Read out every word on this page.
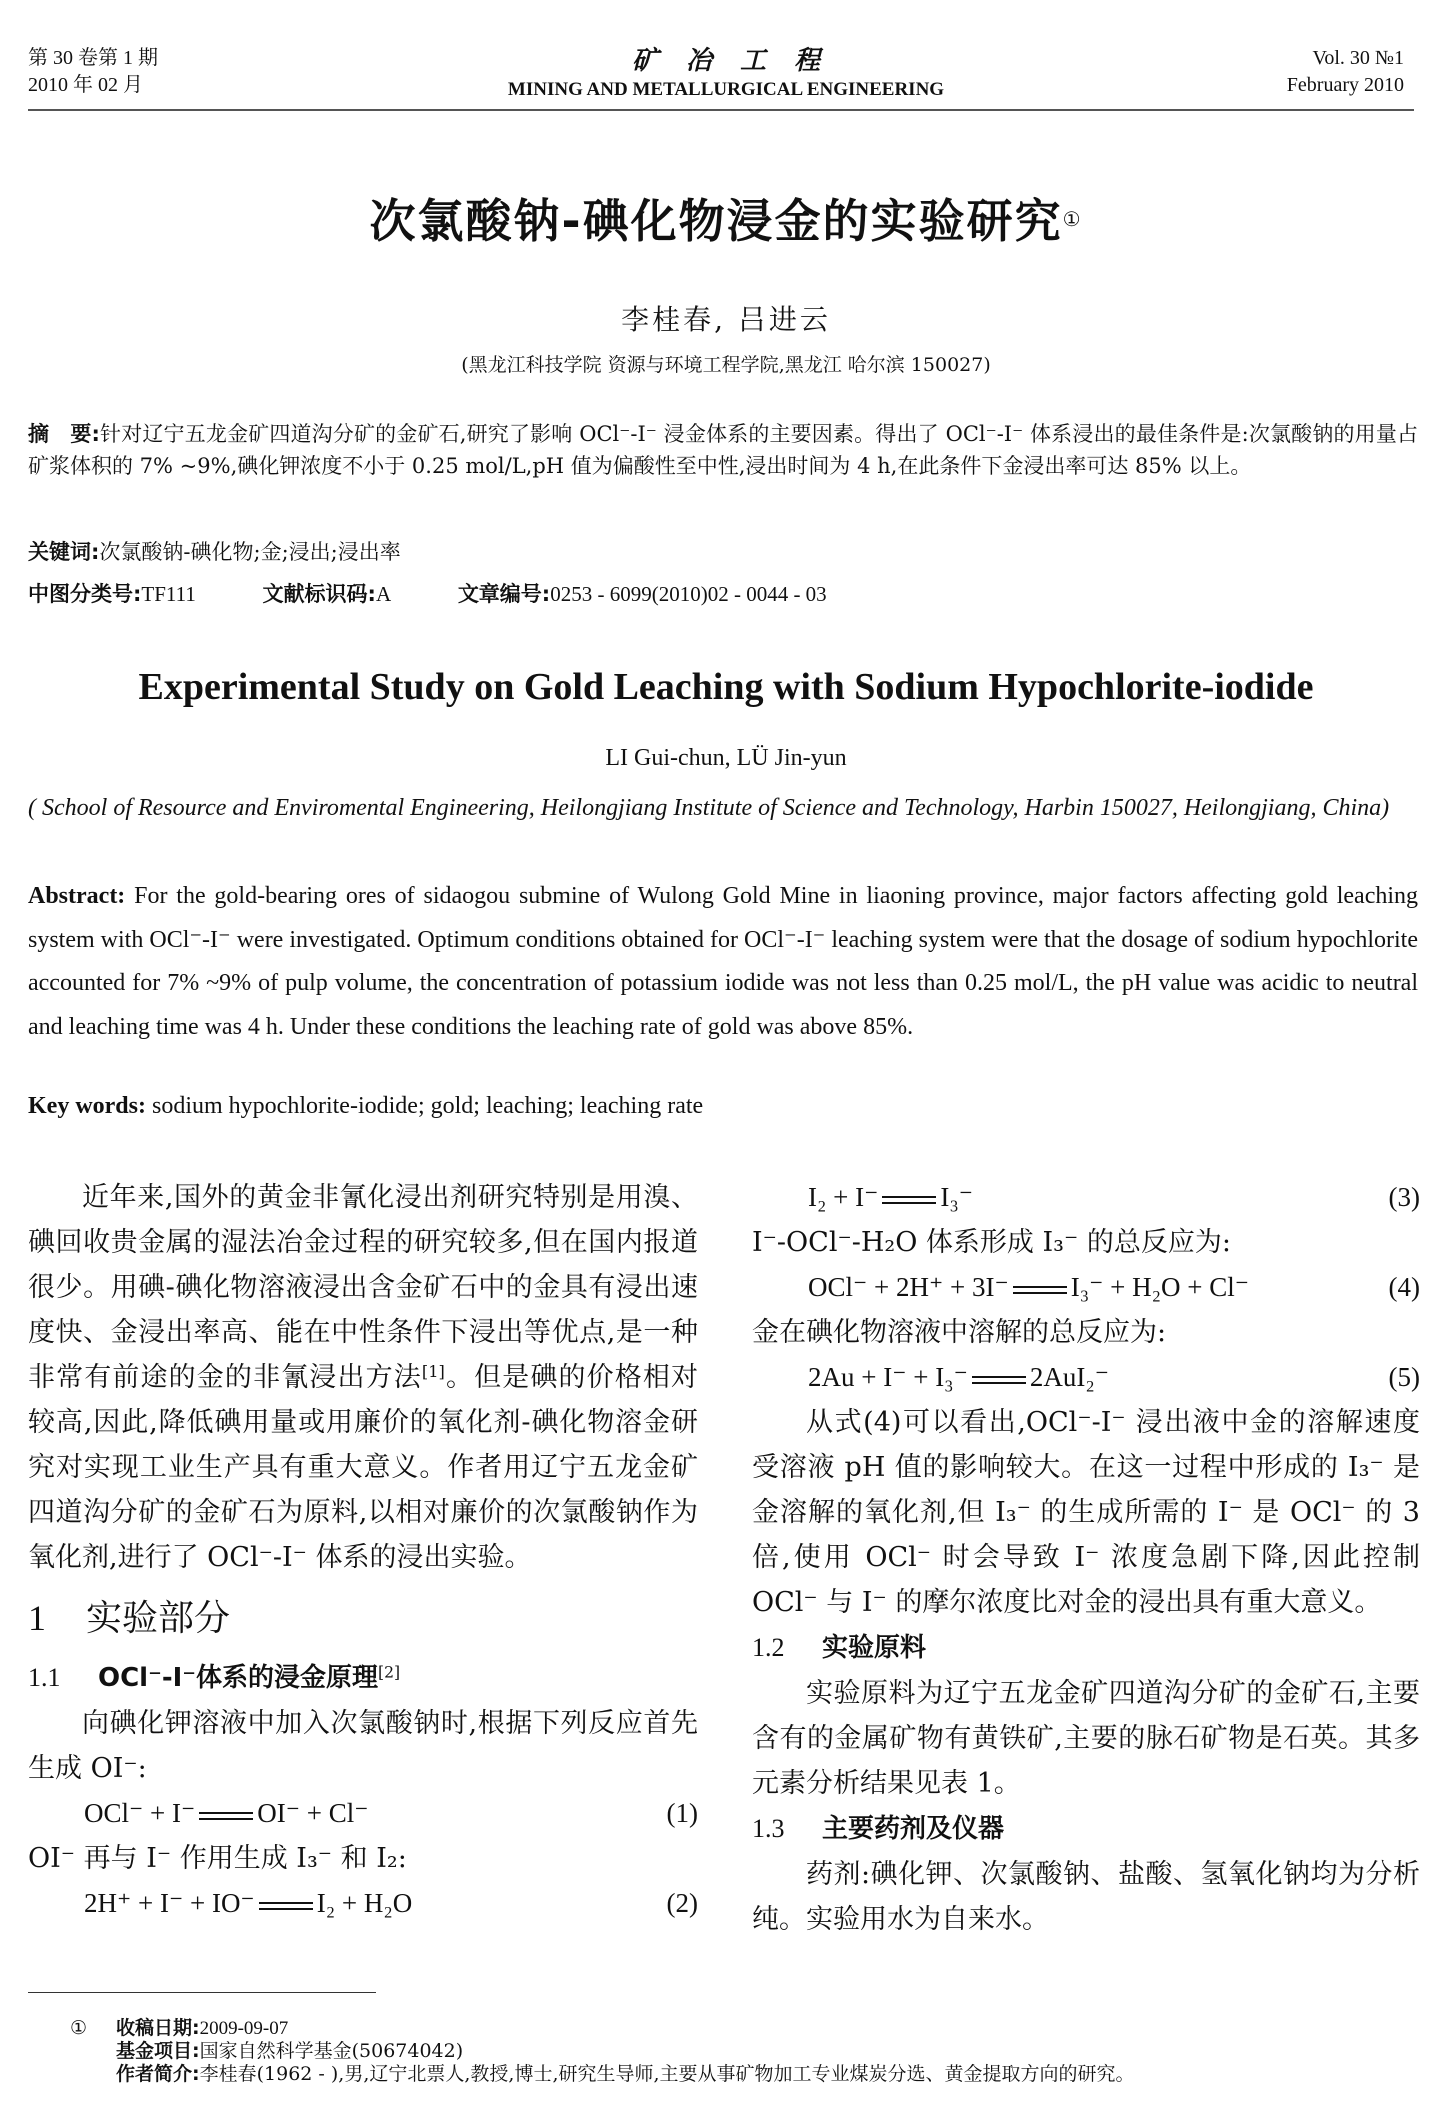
第 30 卷第 1 期
2010 年 02 月
矿冶工程
MINING AND METALLURGICAL ENGINEERING
Vol. 30 №1
February 2010
次氯酸钠-碘化物浸金的实验研究①
李桂春, 吕进云
(黑龙江科技学院 资源与环境工程学院,黑龙江 哈尔滨 150027)
摘　要:针对辽宁五龙金矿四道沟分矿的金矿石,研究了影响 OCl⁻-I⁻ 浸金体系的主要因素。得出了 OCl⁻-I⁻ 体系浸出的最佳条件是:次氯酸钠的用量占矿浆体积的 7% ~9%,碘化钾浓度不小于 0.25 mol/L,pH 值为偏酸性至中性,浸出时间为 4 h,在此条件下金浸出率可达 85% 以上。
关键词:次氯酸钠-碘化物;金;浸出;浸出率
中图分类号:TF111	文献标识码:A	文章编号:0253 - 6099(2010)02 - 0044 - 03
Experimental Study on Gold Leaching with Sodium Hypochlorite-iodide
LI Gui-chun, LÜ Jin-yun
( School of Resource and Enviromental Engineering, Heilongjiang Institute of Science and Technology, Harbin 150027, Heilongjiang, China)
Abstract: For the gold-bearing ores of sidaogou submine of Wulong Gold Mine in liaoning province, major factors affecting gold leaching system with OCl⁻-I⁻ were investigated. Optimum conditions obtained for OCl⁻-I⁻ leaching system were that the dosage of sodium hypochlorite accounted for 7% ~9% of pulp volume, the concentration of potassium iodide was not less than 0.25 mol/L, the pH value was acidic to neutral and leaching time was 4 h. Under these conditions the leaching rate of gold was above 85%.
Key words: sodium hypochlorite-iodide; gold; leaching; leaching rate

近年来,国外的黄金非氰化浸出剂研究特别是用溴、碘回收贵金属的湿法冶金过程的研究较多,但在国内报道很少。用碘-碘化物溶液浸出含金矿石中的金具有浸出速度快、金浸出率高、能在中性条件下浸出等优点,是一种非常有前途的金的非氰浸出方法[1]。但是碘的价格相对较高,因此,降低碘用量或用廉价的氧化剂-碘化物溶金研究对实现工业生产具有重大意义。作者用辽宁五龙金矿四道沟分矿的金矿石为原料,以相对廉价的次氯酸钠作为氧化剂,进行了 OCl⁻-I⁻ 体系的浸出实验。

1 实验部分
1.1 OCl⁻-I⁻体系的浸金原理[2]

向碘化钾溶液中加入次氯酸钠时,根据下列反应首先生成 OI⁻:

OCl⁻ + I⁻ OI⁻ + Cl⁻	(1)

OI⁻ 再与 I⁻ 作用生成 I₃⁻ 和 I₂:

2H⁺ + I⁻ + IO⁻ I₂ + H₂O	(2)
I₂ + I⁻ I₃⁻	(3)

I⁻-OCl⁻-H₂O 体系形成 I₃⁻ 的总反应为:

OCl⁻ + 2H⁺ + 3I⁻ I₃⁻ + H₂O + Cl⁻	(4)

金在碘化物溶液中溶解的总反应为:

2Au + I⁻ + I₃⁻ 2AuI₂⁻	(5)

从式(4)可以看出,OCl⁻-I⁻ 浸出液中金的溶解速度受溶液 pH 值的影响较大。在这一过程中形成的 I₃⁻ 是金溶解的氧化剂,但 I₃⁻ 的生成所需的 I⁻ 是 OCl⁻ 的 3 倍,使用 OCl⁻ 时会导致 I⁻ 浓度急剧下降,因此控制 OCl⁻ 与 I⁻ 的摩尔浓度比对金的浸出具有重大意义。

1.2 实验原料

实验原料为辽宁五龙金矿四道沟分矿的金矿石,主要含有的金属矿物有黄铁矿,主要的脉石矿物是石英。其多元素分析结果见表 1。

1.3 主要药剂及仪器

药剂:碘化钾、次氯酸钠、盐酸、氢氧化钠均为分析纯。实验用水为自来水。

① 收稿日期:2009-09-07
基金项目:国家自然科学基金(50674042)
作者简介:李桂春(1962 - ),男,辽宁北票人,教授,博士,研究生导师,主要从事矿物加工专业煤炭分选、黄金提取方向的研究。
